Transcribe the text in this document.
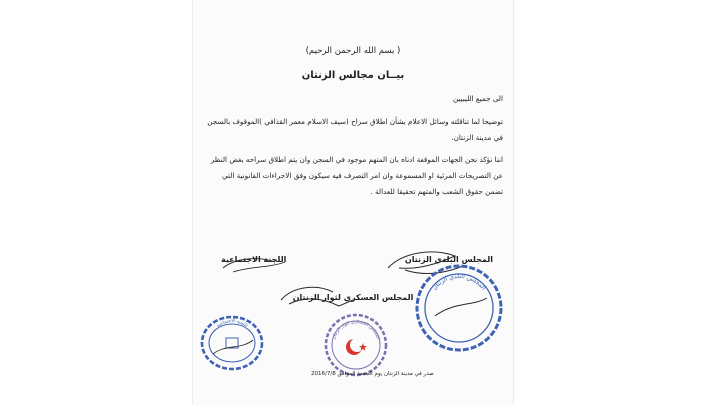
( بسم الله الرحمن الرحيم)
بيــان مجالس الزنتان
الى جميع الليبيين
توضيحا لما تناقلته وسائل الاعلام بشأن اطلاق سراح (سيف الاسلام معمر القذافي )الموقوف بالسجن في مدينة الزنتان.
اننا نؤكد نحن الجهات الموقعة ادناه بان المتهم موجود في السجن وان يتم اطلاق سراحه بغض النظر عن التصريحات المرئية او المسموعة وان امر التصرف فيه سيكون وفق الاجراءات القانونية التي تضمن حقوق الشعب والمتهم تحقيقا للعدالة .
المجلس البلدي الزنتان
اللجنة الاجتماعية
المجلس العسكري لثوار الزنتان
المجلس البلدي الزنتان
المجلس العسكري لثوار الزنتان
اللجنة الاجتماعية
صدر في مدينة الزنتان يوم الجمعة الموافق 2016/7/8
